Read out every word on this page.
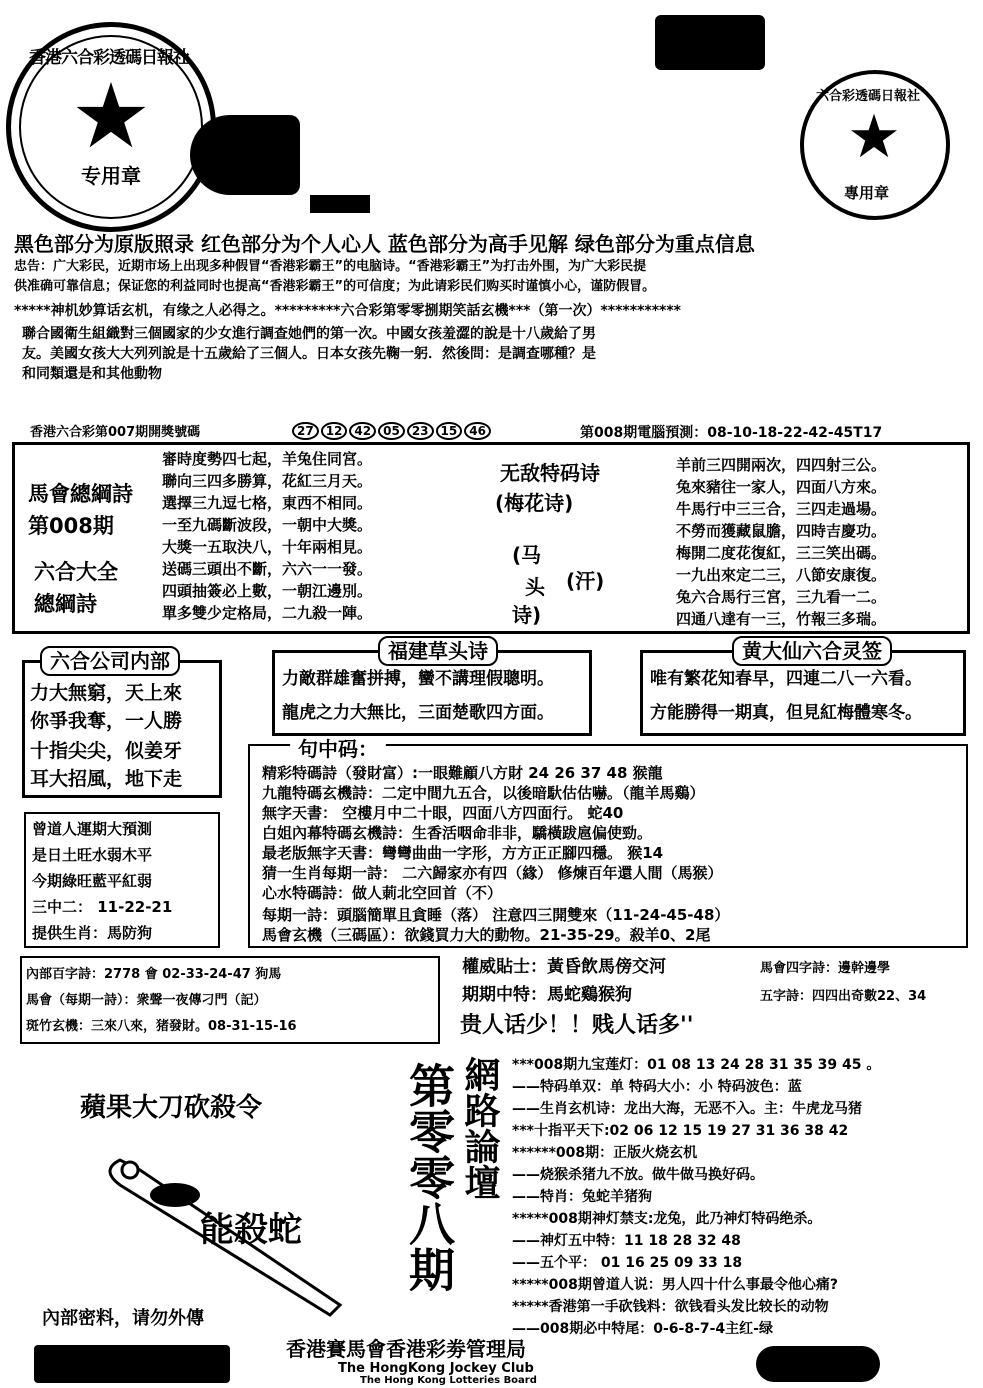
★
香港六合彩透碼日報社
专用章
★
六合彩透碼日報社
專用章
黑色部分为原版照录 红色部分为个人心人 蓝色部分为高手见解 绿色部分为重点信息
忠告：广大彩民，近期市场上出现多种假冒“香港彩霸王”的电脑诗。“香港彩霸王”为打击外围，为广大彩民提
供准确可靠信息；保证您的利益同时也提高“香港彩霸王”的可信度；为此请彩民们购买时谨慎小心，谨防假冒。
*****神机妙算话玄机，有缘之人必得之。*********六合彩第零零捌期笑話玄機***（第一次）***********
聯合國衛生組織對三個國家的少女進行調查她們的第一次。中國女孩羞澀的說是十八歲給了男
友。美國女孩大大列列說是十五歲給了三個人。日本女孩先鞠一躬．然後問：是調查哪種？是
和同類還是和其他動物
香港六合彩第007期開獎號碼	27 12 42 05 23 15 46	第008期電腦預測：08-10-18-22-42-45T17
馬會總綱詩
第008期
六合大全
總綱詩
審時度勢四七起，羊兔住同宮。
聯向三四多勝算，花紅三月天。
選擇三九逗七格，東西不相同。
一至九碼斷波段，一朝中大獎。
大獎一五取決八，十年兩相見。
送碼三頭出不斷，六六一一發。
四頭抽簽必上數，一朝江邊別。
單多雙少定格局，二九殺一陣。
无敌特码诗
(梅花诗)
(马
头
诗)
(汗)
羊前三四開兩次，四四射三公。
兔來豬往一家人，四面八方來。
牛馬行中三三合，三四走過場。
不勞而獲藏鼠膽，四時吉慶功。
梅開二度花復紅，三三笑出碼。
一九出來定二三，八節安康復。
兔六合馬行三宮，三九看一二。
四通八達有一三，竹報三多瑞。
六合公司内部
力大無窮，天上來
你爭我奪，一人勝
十指尖尖，似姜牙
耳大招風，地下走
福建草头诗
力敵群雄奮拼搏，蠻不講理假聰明。
龍虎之力大無比，三面楚歌四方面。
黄大仙六合灵签
唯有繁花知春早，四連二八一六看。
方能勝得一期真，但見紅梅體寒冬。
句中码：
精彩特碼詩（發財富）:一眼難顧八方財 24 26 37 48 猴龍
九龍特碼玄機詩：二定中間九五合，以後暗馱估估嚇。（龍羊馬鷄）
無字天書： 空樓月中二十眼，四面八方四面行。 蛇40
白姐內幕特碼玄機詩：生香活咽命非非，驕橫跋扈偏使勁。
最老版無字天書：彎彎曲曲一字形，方方正正腳四穩。 猴14
猜一生肖每期一詩： 二六歸家亦有四（緣） 修煉百年還人間（馬猴）
心水特碼詩：做人莿北空回首（不）
每期一詩：頭腦簡單且貪睡（落） 注意四三開雙來（11-24-45-48）
馬會玄機（三碼區）：欲錢買力大的動物。21-35-29。殺羊0、2尾
曾道人運期大預測
是日土旺水弱木平
今期綠旺藍平紅弱
三中二： 11-22-21
提供生肖：馬防狗
內部百字詩：2778 會 02-33-24-47 狗馬
馬會（每期一詩）：衆聲一夜傳刁門（記）
斑竹玄機：三來八來，猪發財。08-31-15-16
權威貼士：黃昏飲馬傍交河	馬會四字詩：邊幹邊學
期期中特：馬蛇鷄猴狗	五字詩：四四出奇數22、34
贵人话少！！贱人话多''
蘋果大刀砍殺令
能殺蛇
內部密料，请勿外傳
第零零八期 網路論壇 ***008期九宝莲灯：01 08 13 24 28 31 35 39 45 。
——特码单双：单 特码大小：小 特码波色：蓝
——生肖玄机诗：龙出大海，无恶不入。主：牛虎龙马猪
***十指平天下:02 06 12 15 19 27 31 36 38 42
******008期：正版火烧玄机
——烧猴杀猪九不放。做牛做马换好码。
——特肖：兔蛇羊猪狗
*****008期神灯禁支:龙兔，此乃神灯特码绝杀。
——神灯五中特：11 18 28 32 48
——五个平： 01 16 25 09 33 18
*****008期曾道人说：男人四十什么事最令他心痛?
*****香港第一手砍钱料：欲钱看头发比较长的动物
——008期必中特尾：0-6-8-7-4主红-绿
香港賽馬會香港彩劵管理局
The HongKong Jockey Club
The Hong Kong Lotteries Board
